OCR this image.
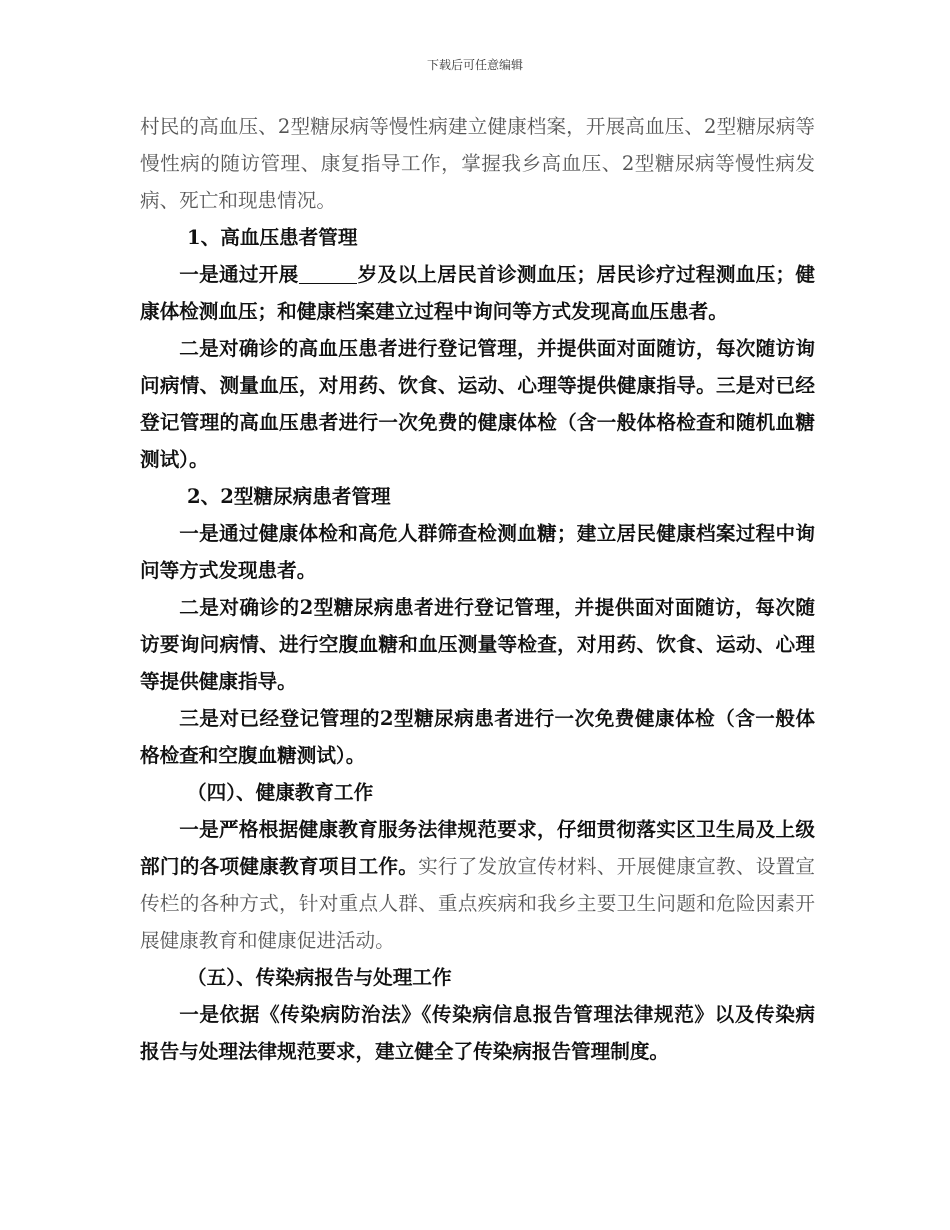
下载后可任意编辑

村民的高血压、2型糖尿病等慢性病建立健康档案，开展高血压、2型糖尿病等慢性病的随访管理、康复指导工作，掌握我乡高血压、2型糖尿病等慢性病发病、死亡和现患情况。

1、高血压患者管理

一是通过开展	岁及以上居民首诊测血压；居民诊疗过程测血压；健康体检测血压；和健康档案建立过程中询问等方式发现高血压患者。

二是对确诊的高血压患者进行登记管理，并提供面对面随访，每次随访询问病情、测量血压，对用药、饮食、运动、心理等提供健康指导。三是对已经登记管理的高血压患者进行一次免费的健康体检（含一般体格检查和随机血糖测试）。

2、2型糖尿病患者管理

一是通过健康体检和高危人群筛查检测血糖；建立居民健康档案过程中询问等方式发现患者。

二是对确诊的2型糖尿病患者进行登记管理，并提供面对面随访，每次随访要询问病情、进行空腹血糖和血压测量等检查，对用药、饮食、运动、心理等提供健康指导。

三是对已经登记管理的2型糖尿病患者进行一次免费健康体检（含一般体格检查和空腹血糖测试）。

（四）、健康教育工作

一是严格根据健康教育服务法律规范要求，仔细贯彻落实区卫生局及上级部门的各项健康教育项目工作。实行了发放宣传材料、开展健康宣教、设置宣传栏的各种方式，针对重点人群、重点疾病和我乡主要卫生问题和危险因素开展健康教育和健康促进活动。

（五）、传染病报告与处理工作

一是依据《传染病防治法》《传染病信息报告管理法律规范》以及传染病报告与处理法律规范要求，建立健全了传染病报告管理制度。
